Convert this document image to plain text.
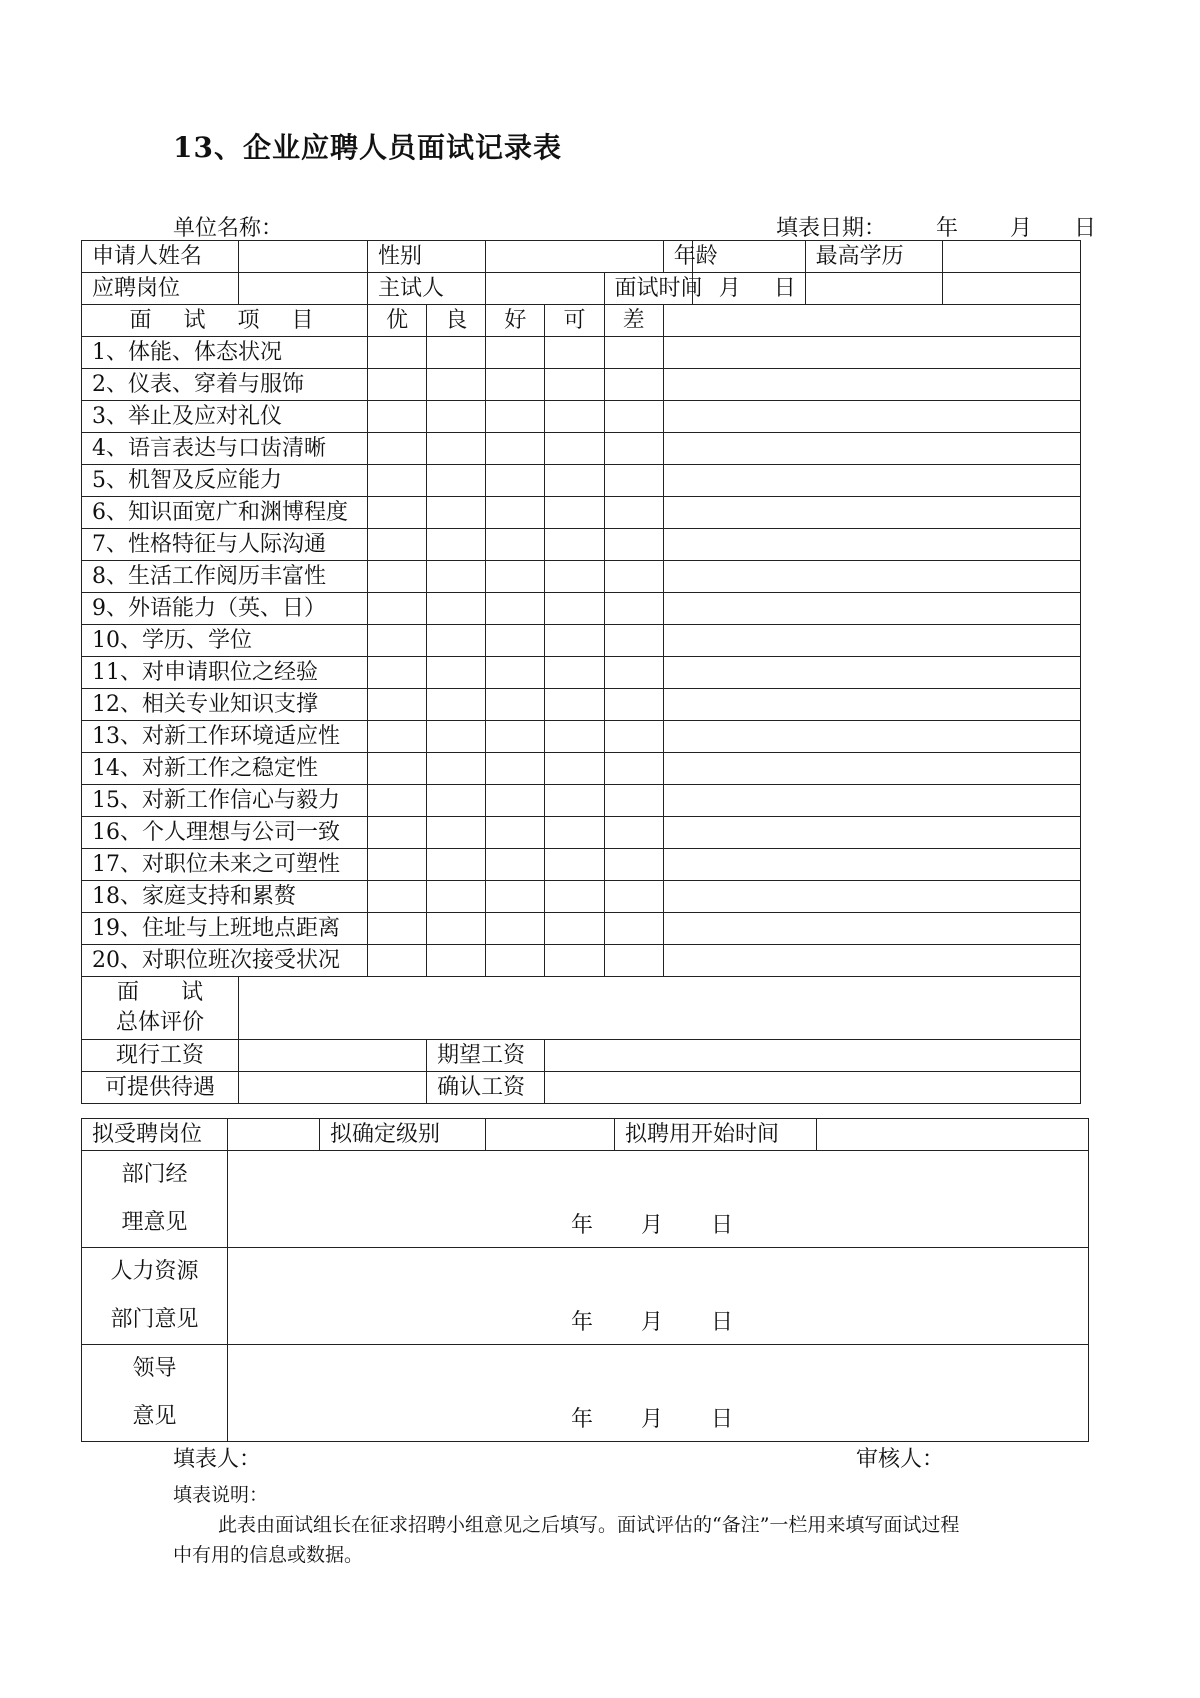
13、企业应聘人员面试记录表
单位名称：	填表日期： 年 月 日
申请人姓名		性别					年龄		最高学历	
应聘岗位		主试人				面试时间		月 日		
面  试  项  目		优	良	好	可	差				
1、体能、体态状况										
2、仪表、穿着与服饰										
3、举止及应对礼仪										
4、语言表达与口齿清晰										
5、机智及反应能力										
6、知识面宽广和渊博程度										
7、性格特征与人际沟通										
8、生活工作阅历丰富性										
9、外语能力（英、日）										
10、学历、学位										
11、对申请职位之经验										
12、相关专业知识支撑										
13、对新工作环境适应性										
14、对新工作之稳定性										
15、对新工作信心与毅力										
16、个人理想与公司一致										
17、对职位未来之可塑性										
18、家庭支持和累赘										
19、住址与上班地点距离										
20、对职位班次接受状况										
面      试
总体评价										
现行工资			期望工资							
可提供待遇			确认工资							
拟受聘岗位		拟确定级别		拟聘用开始时间	

部门经
理意见	年 月 日				

人力资源
部门意见	年 月 日				

领导
意见	年 月 日				
填表人：	审核人：
填表说明：
此表由面试组长在征求招聘小组意见之后填写。面试评估的“备注”一栏用来填写面试过程
中有用的信息或数据。
